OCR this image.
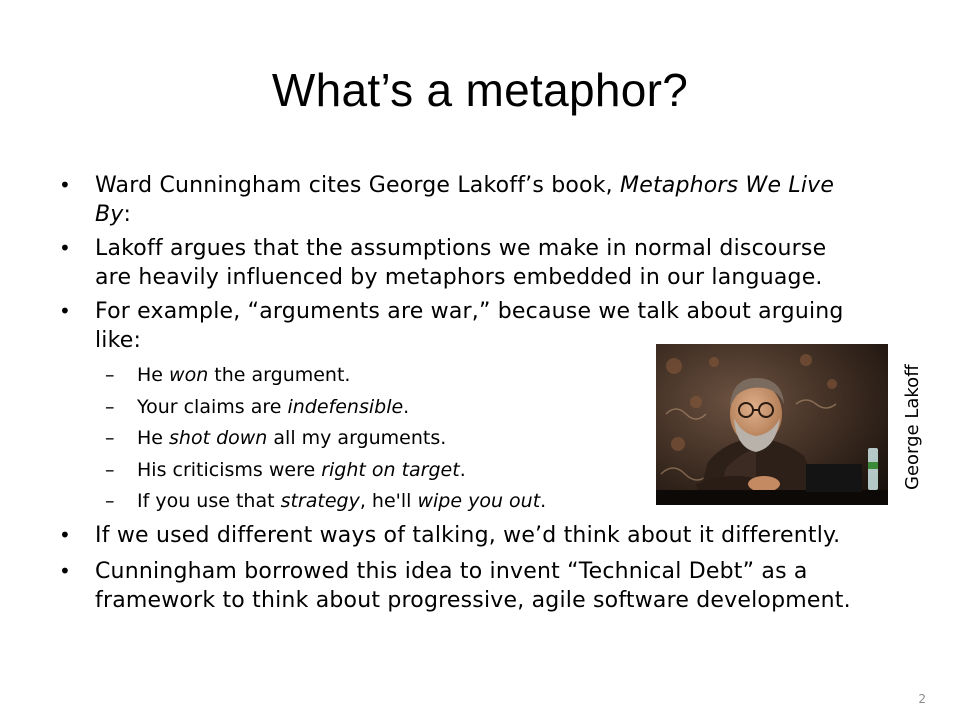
What’s a metaphor?
• Ward Cunningham cites George Lakoff’s book, Metaphors We Live
By:
• Lakoff argues that the assumptions we make in normal discourse
are heavily influenced by metaphors embedded in our language.
• For example, “arguments are war,” because we talk about arguing
like:
– He won the argument.
– Your claims are indefensible.
– He shot down all my arguments.
– His criticisms were right on target.
– If you use that strategy, he'll wipe you out.
• If we used different ways of talking, we’d think about it differently.
• Cunningham borrowed this idea to invent “Technical Debt” as a
framework to think about progressive, agile software development.
George Lakoff
2
